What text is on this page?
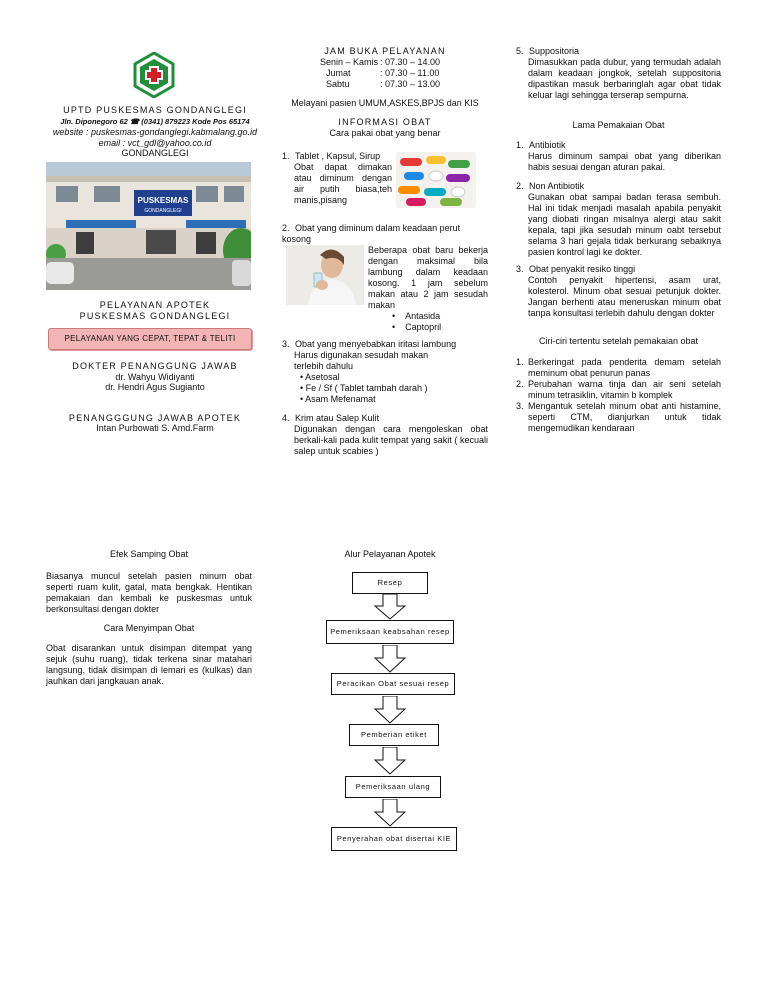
UPTD PUSKESMAS GONDANGLEGI
Jln. Diponegoro 62 ☎ (0341) 879223 Kode Pos 65174
website : puskesmas-gondanglegi.kabmalang.go.id
email : vct_gdl@yahoo.co.id
GONDANGLEGI
PUSKESMAS
GONDANGLEGI
PELAYANAN APOTEK
PUSKESMAS GONDANGLEGI
PELAYANAN YANG CEPAT, TEPAT & TELITI
DOKTER PENANGGUNG JAWAB
dr. Wahyu Widiyanti
dr. Hendri Agus Sugianto
PENANGGGUNG JAWAB APOTEK
Intan Purbowati S. Amd.Farm
JAM BUKA PELAYANAN
Senin – Kamis : 07.30 – 14.00
Jumat	: 07.30 – 11.00
Sabtu	: 07.30 – 13.00
Melayani pasien UMUM,ASKES,BPJS dan KIS
INFORMASI OBAT
Cara pakai obat yang benar
1. Tablet , Kapsul, Sirup

Obat dapat dimakan atau diminum dengan air putih biasa,teh manis,pisang

2. Obat yang diminum dalam keadaan perut kosong

Beberapa obat baru bekerja dengan maksimal bila lambung dalam keadaan kosong. 1 jam sebelum makan atau 2 jam sesudah makan

•    Antasida
•    Captopril
3. Obat yang menyebabkan iritasi lambung

Harus digunakan sesudah makan terlebih dahulu

• Asetosal
• Fe / Sf ( Tablet tambah darah )
• Asam Mefenamat
4. Krim atau Salep Kulit

Digunakan dengan cara mengoleskan obat berkali-kali pada kulit tempat yang sakit ( kecuali salep untuk scabies )

5. Suppositoria

Dimasukkan pada dubur, yang termudah adalah dalam keadaan jongkok, setelah suppositoria dipastikan masuk berbaringlah agar obat tidak keluar lagi sehingga terserap sempurna.

Lama Pemakaian Obat
1. Antibiotik

Harus diminum sampai obat yang diberikan habis sesuai dengan aturan pakai.

2. Non Antibiotik

Gunakan obat sampai badan terasa sembuh. Hal ini tidak menjadi masalah apabila penyakit yang diobati ringan misalnya alergi atau sakit kepala, tapi jika sesudah minum oabt tersebut selama 3 hari gejala tidak berkurang sebaiknya pasien kontrol lagi ke dokter.

3. Obat penyakit resiko tinggi

Contoh penyakit hipertensi, asam urat, kolesterol. Minum obat sesuai petunjuk dokter. Jangan berhenti atau meneruskan minum obat tanpa konsultasi terlebih dahulu dengan dokter

Ciri-ciri tertentu setelah pemakaian obat
1. Berkeringat pada penderita demam setelah meminum obat penurun panas

2. Perubahan warna tinja dan air seni setelah minum tetrasiklin, vitamin b komplek

3. Mengantuk setelah minum obat anti histamine, seperti CTM, dianjurkan untuk tidak mengemudikan kendaraan

Efek Samping Obat

Biasanya muncul setelah pasien minum obat seperti ruam kulit, gatal, mata bengkak. Hentikan pemakaian dan kembali ke puskesmas untuk berkonsultasi dengan dokter

Cara Menyimpan Obat

Obat disarankan untuk disimpan ditempat yang sejuk (suhu ruang), tidak terkena sinar matahari langsung, tidak disimpan di lemari es (kulkas) dan jauhkan dari jangkauan anak.

Alur Pelayanan Apotek
Resep
Pemeriksaan keabsahan resep
Peracikan Obat sesuai resep
Pemberian etiket
Pemeriksaan ulang
Penyerahan obat disertai KIE
